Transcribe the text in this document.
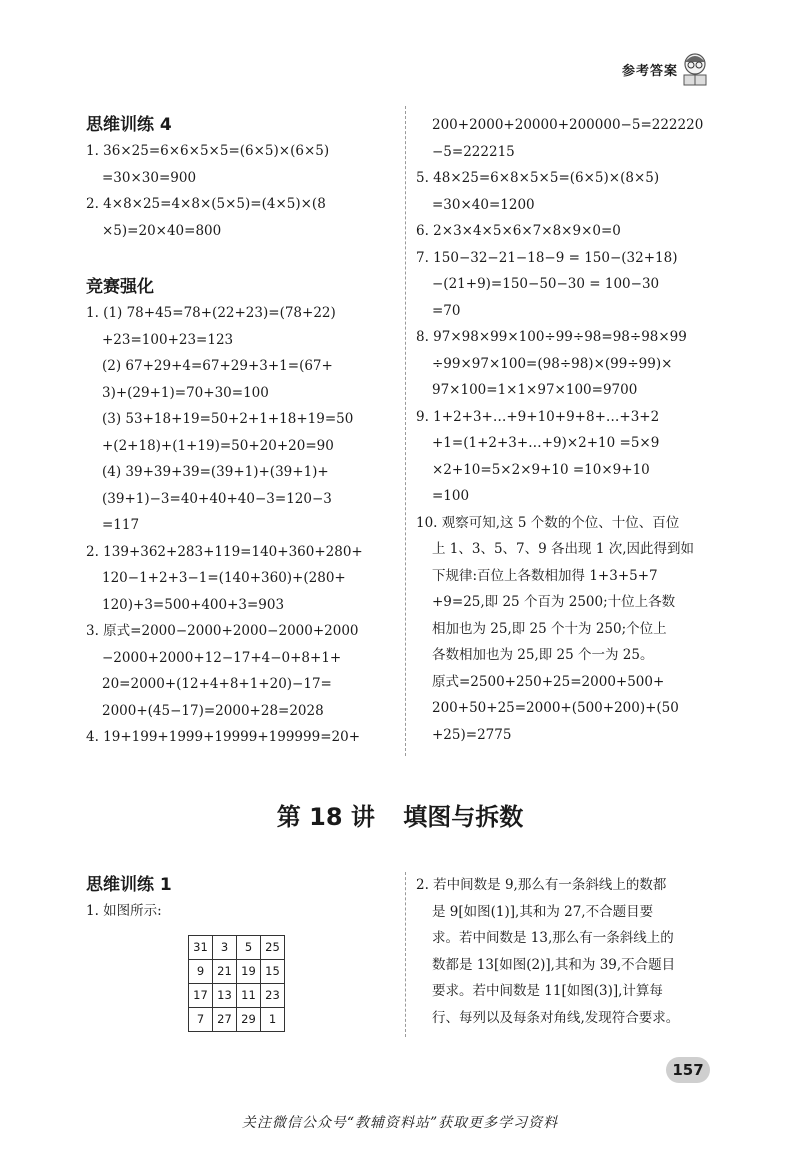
参考答案
思维训练 4
1. 36×25=6×6×5×5=(6×5)×(6×5)
=30×30=900
2. 4×8×25=4×8×(5×5)=(4×5)×(8
×5)=20×40=800
竞赛强化
1. (1) 78+45=78+(22+23)=(78+22)
+23=100+23=123
(2) 67+29+4=67+29+3+1=(67+
3)+(29+1)=70+30=100
(3) 53+18+19=50+2+1+18+19=50
+(2+18)+(1+19)=50+20+20=90
(4) 39+39+39=(39+1)+(39+1)+
(39+1)−3=40+40+40−3=120−3
=117
2. 139+362+283+119=140+360+280+
120−1+2+3−1=(140+360)+(280+
120)+3=500+400+3=903
3. 原式=2000−2000+2000−2000+2000
−2000+2000+12−17+4−0+8+1+
20=2000+(12+4+8+1+20)−17=
2000+(45−17)=2000+28=2028
4. 19+199+1999+19999+199999=20+
200+2000+20000+200000−5=222220
−5=222215
5. 48×25=6×8×5×5=(6×5)×(8×5)
=30×40=1200
6. 2×3×4×5×6×7×8×9×0=0
7. 150−32−21−18−9 = 150−(32+18)
−(21+9)=150−50−30 = 100−30
=70
8. 97×98×99×100÷99÷98=98÷98×99
÷99×97×100=(98÷98)×(99÷99)×
97×100=1×1×97×100=9700
9. 1+2+3+…+9+10+9+8+…+3+2
+1=(1+2+3+…+9)×2+10 =5×9
×2+10=5×2×9+10 =10×9+10
=100
10. 观察可知,这 5 个数的个位、十位、百位
上 1、3、5、7、9 各出现 1 次,因此得到如
下规律:百位上各数相加得 1+3+5+7
+9=25,即 25 个百为 2500;十位上各数
相加也为 25,即 25 个十为 250;个位上
各数相加也为 25,即 25 个一为 25。
原式=2500+250+25=2000+500+
200+50+25=2000+(500+200)+(50
+25)=2775
第 18 讲 填图与拆数
思维训练 1
1. 如图所示:
31	3	5	25
9	21	19	15
17	13	11	23
7	27	29	1
2. 若中间数是 9,那么有一条斜线上的数都
是 9[如图(1)],其和为 27,不合题目要
求。若中间数是 13,那么有一条斜线上的
数都是 13[如图(2)],其和为 39,不合题目
要求。若中间数是 11[如图(3)],计算每
行、每列以及每条对角线,发现符合要求。
157
关注微信公众号“教辅资料站”获取更多学习资料
